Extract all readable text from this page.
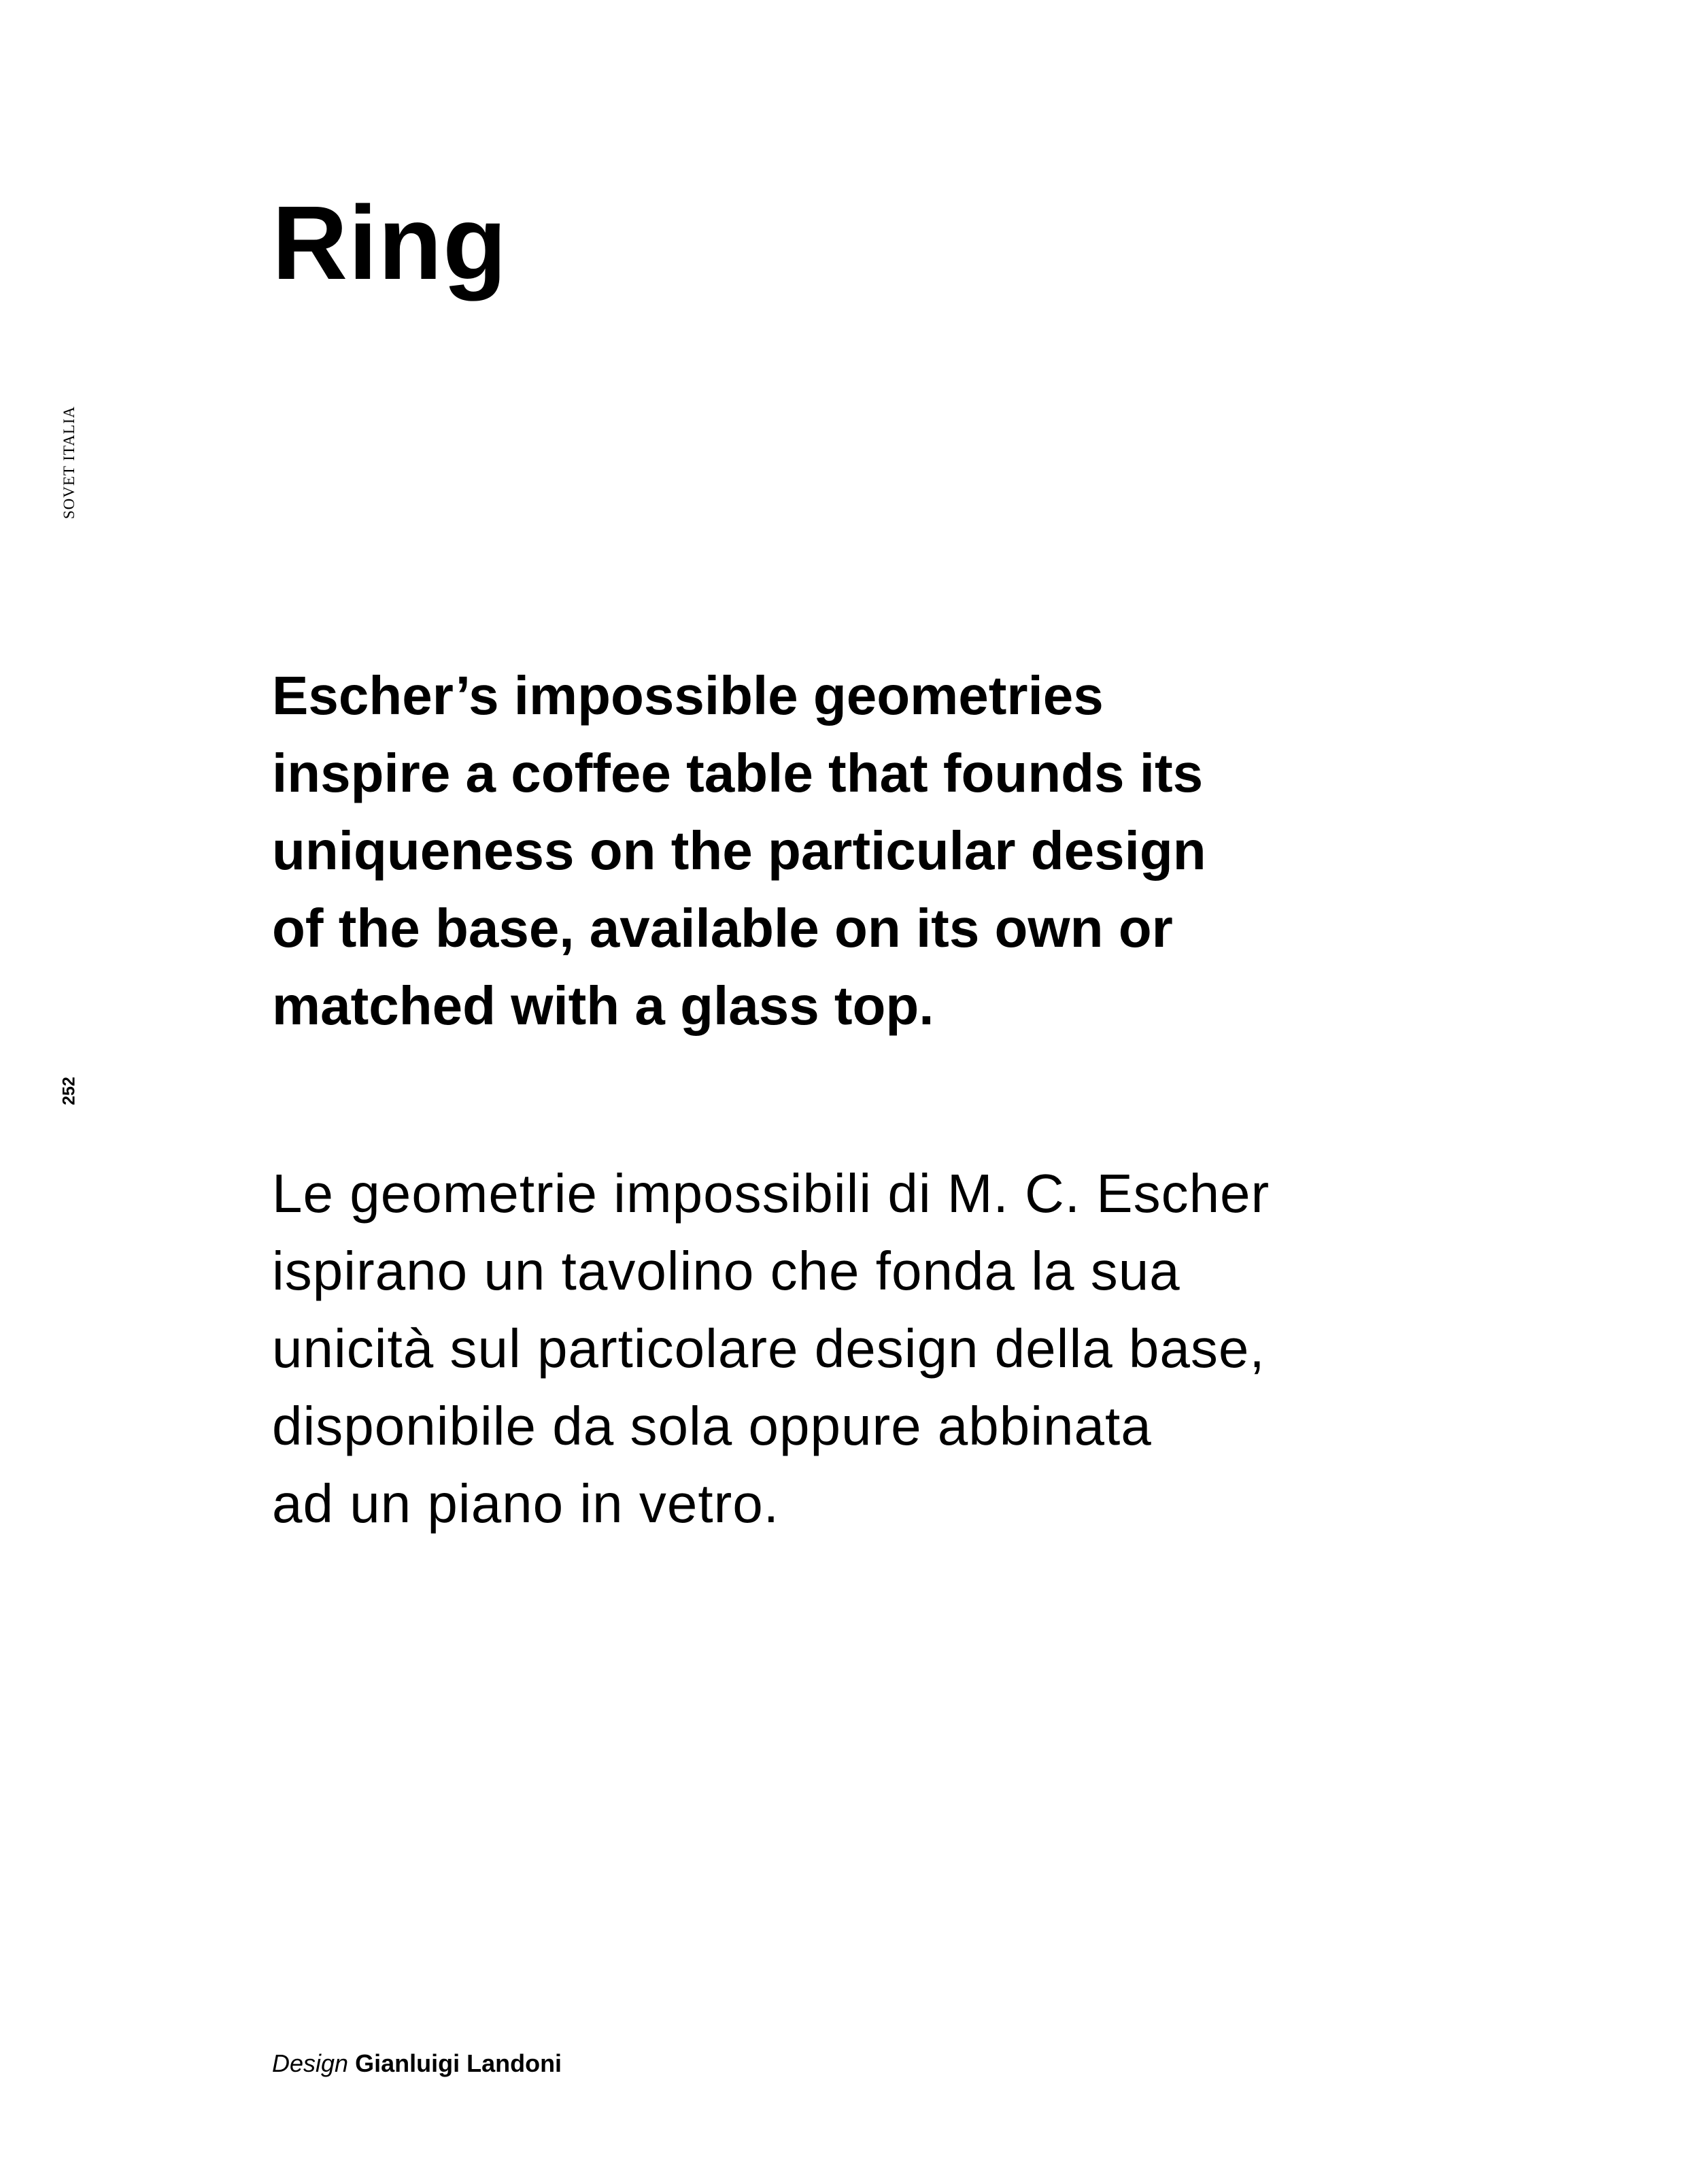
SOVET ITALIA
252
Ring

Escher’s impossible geometries
inspire a coffee table that founds its
uniqueness on the particular design
of the base, available on its own or
matched with a glass top.

Le geometrie impossibili di M. C. Escher
ispirano un tavolino che fonda la sua
unicità sul particolare design della base,
disponibile da sola oppure abbinata
ad un piano in vetro.

Design Gianluigi Landoni
